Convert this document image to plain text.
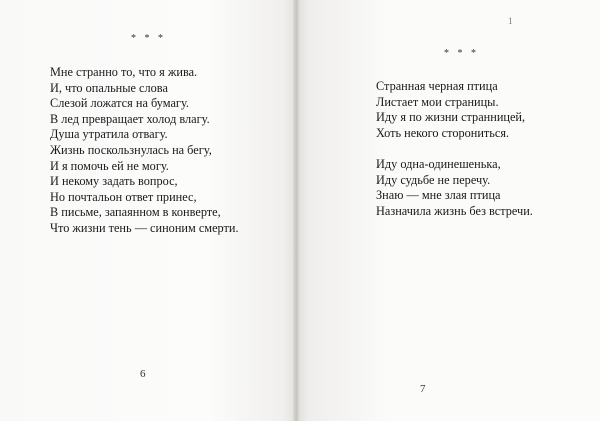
* * *
Мне странно то, что я жива.
И, что опальные слова
Слезой ложатся на бумагу.
В лед превращает холод влагу.
Душа утратила отвагу.
Жизнь поскользнулась на бегу,
И я помочь ей не могу.
И некому задать вопрос,
Но почтальон ответ принес,
В письме, запаянном в конверте,
Что жизни тень — синоним смерти.
6
1
* * *
Странная черная птица
Листает мои страницы.
Иду я по жизни странницей,
Хоть некого сторониться.
Иду одна-одинешенька,
Иду судьбе не перечу.
Знаю — мне злая птица
Назначила жизнь без встречи.
7
